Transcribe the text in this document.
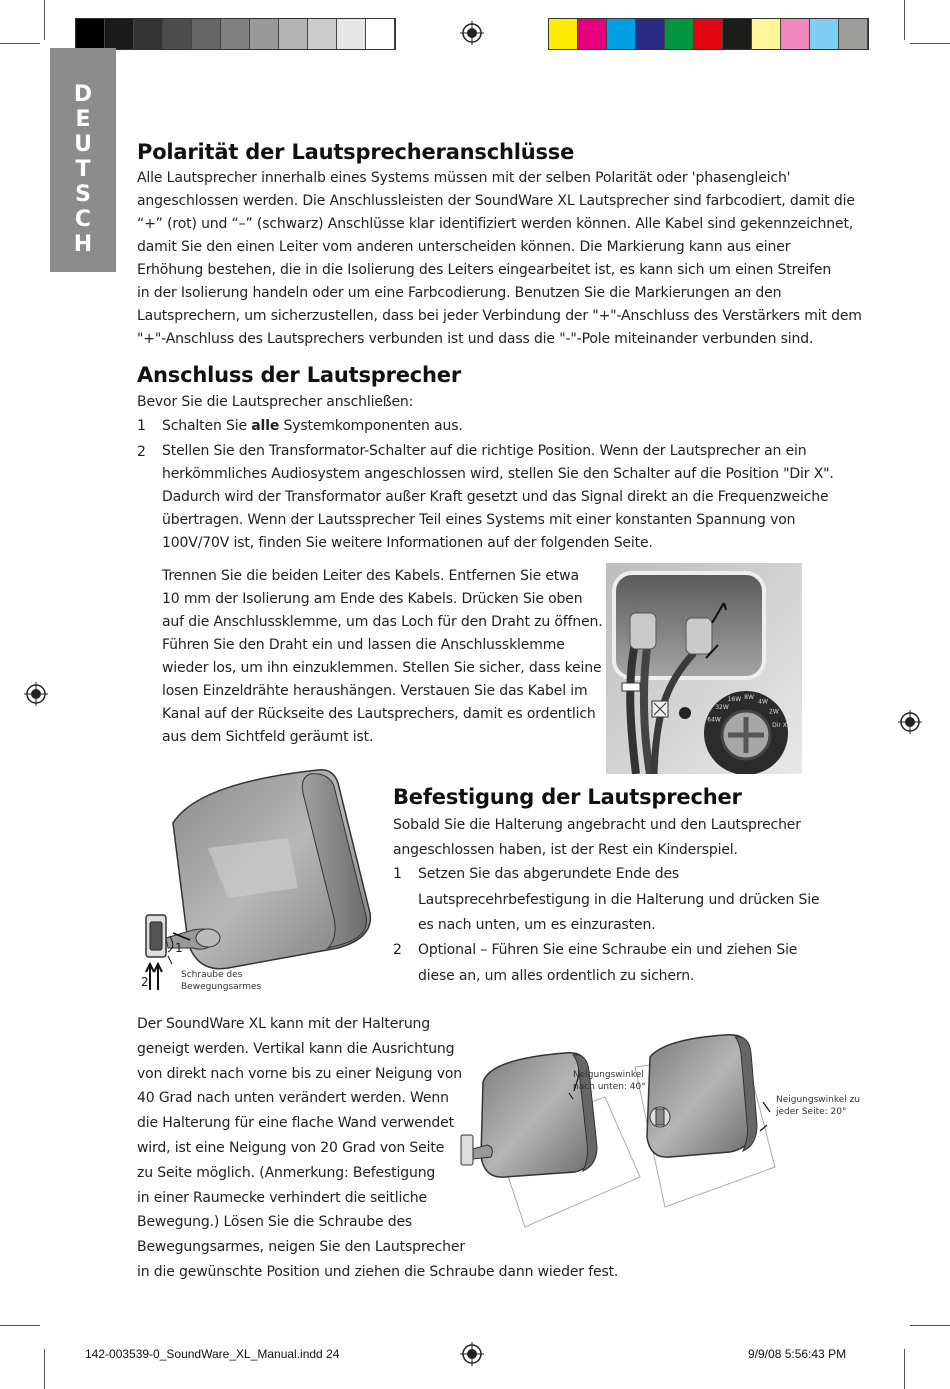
D
E
U
T
S
C
H
Polarität der Lautsprecheranschlüsse
Alle Lautsprecher innerhalb eines Systems müssen mit der selben Polarität oder 'phasengleich'
angeschlossen werden. Die Anschlussleisten der SoundWare XL Lautsprecher sind farbcodiert, damit die
“+” (rot) und “–” (schwarz) Anschlüsse klar identifiziert werden können. Alle Kabel sind gekennzeichnet,
damit Sie den einen Leiter vom anderen unterscheiden können. Die Markierung kann aus einer
Erhöhung bestehen, die in die Isolierung des Leiters eingearbeitet ist, es kann sich um einen Streifen
in der Isolierung handeln oder um eine Farbcodierung. Benutzen Sie die Markierungen an den
Lautsprechern, um sicherzustellen, dass bei jeder Verbindung der "+"-Anschluss des Verstärkers mit dem
"+"-Anschluss des Lautsprechers verbunden ist und dass die "-"-Pole miteinander verbunden sind.
Anschluss der Lautsprecher
Bevor Sie die Lautsprecher anschließen:
1 Schalten Sie alle Systemkomponenten aus.
2 Stellen Sie den Transformator-Schalter auf die richtige Position. Wenn der Lautsprecher an ein
herkömmliches Audiosystem angeschlossen wird, stellen Sie den Schalter auf die Position "Dir X".
Dadurch wird der Transformator außer Kraft gesetzt und das Signal direkt an die Frequenzweiche
übertragen. Wenn der Lautssprecher Teil eines Systems mit einer konstanten Spannung von
100V/70V ist, finden Sie weitere Informationen auf der folgenden Seite.
Trennen Sie die beiden Leiter des Kabels. Entfernen Sie etwa
10 mm der Isolierung am Ende des Kabels. Drücken Sie oben
auf die Anschlussklemme, um das Loch für den Draht zu öffnen.
Führen Sie den Draht ein und lassen die Anschlussklemme
wieder los, um ihn einzuklemmen. Stellen Sie sicher, dass keine
losen Einzeldrähte heraushängen. Verstauen Sie das Kabel im
Kanal auf der Rückseite des Lautsprechers, damit es ordentlich
aus dem Sichtfeld geräumt ist.
64W
32W
16W 8W
4W
2W
Dir X
1
2	Schraube des
Bewegungsarmes
Befestigung der Lautsprecher
Sobald Sie die Halterung angebracht und den Lautsprecher
angeschlossen haben, ist der Rest ein Kinderspiel.
1 Setzen Sie das abgerundete Ende des
Lautsprecehrbefestigung in die Halterung und drücken Sie
es nach unten, um es einzurasten.
2 Optional – Führen Sie eine Schraube ein und ziehen Sie
diese an, um alles ordentlich zu sichern.
Der SoundWare XL kann mit der Halterung
geneigt werden. Vertikal kann die Ausrichtung
von direkt nach vorne bis zu einer Neigung von
40 Grad nach unten verändert werden. Wenn
die Halterung für eine flache Wand verwendet
wird, ist eine Neigung von 20 Grad von Seite
zu Seite möglich. (Anmerkung: Befestigung
in einer Raumecke verhindert die seitliche
Bewegung.) Lösen Sie die Schraube des
Bewegungsarmes, neigen Sie den Lautsprecher
in die gewünschte Position und ziehen die Schraube dann wieder fest.
Neigungswinkel
nach unten: 40°
Neigungswinkel zu
jeder Seite: 20°
142-003539-0_SoundWare_XL_Manual.indd 24	9/9/08 5:56:43 PM
